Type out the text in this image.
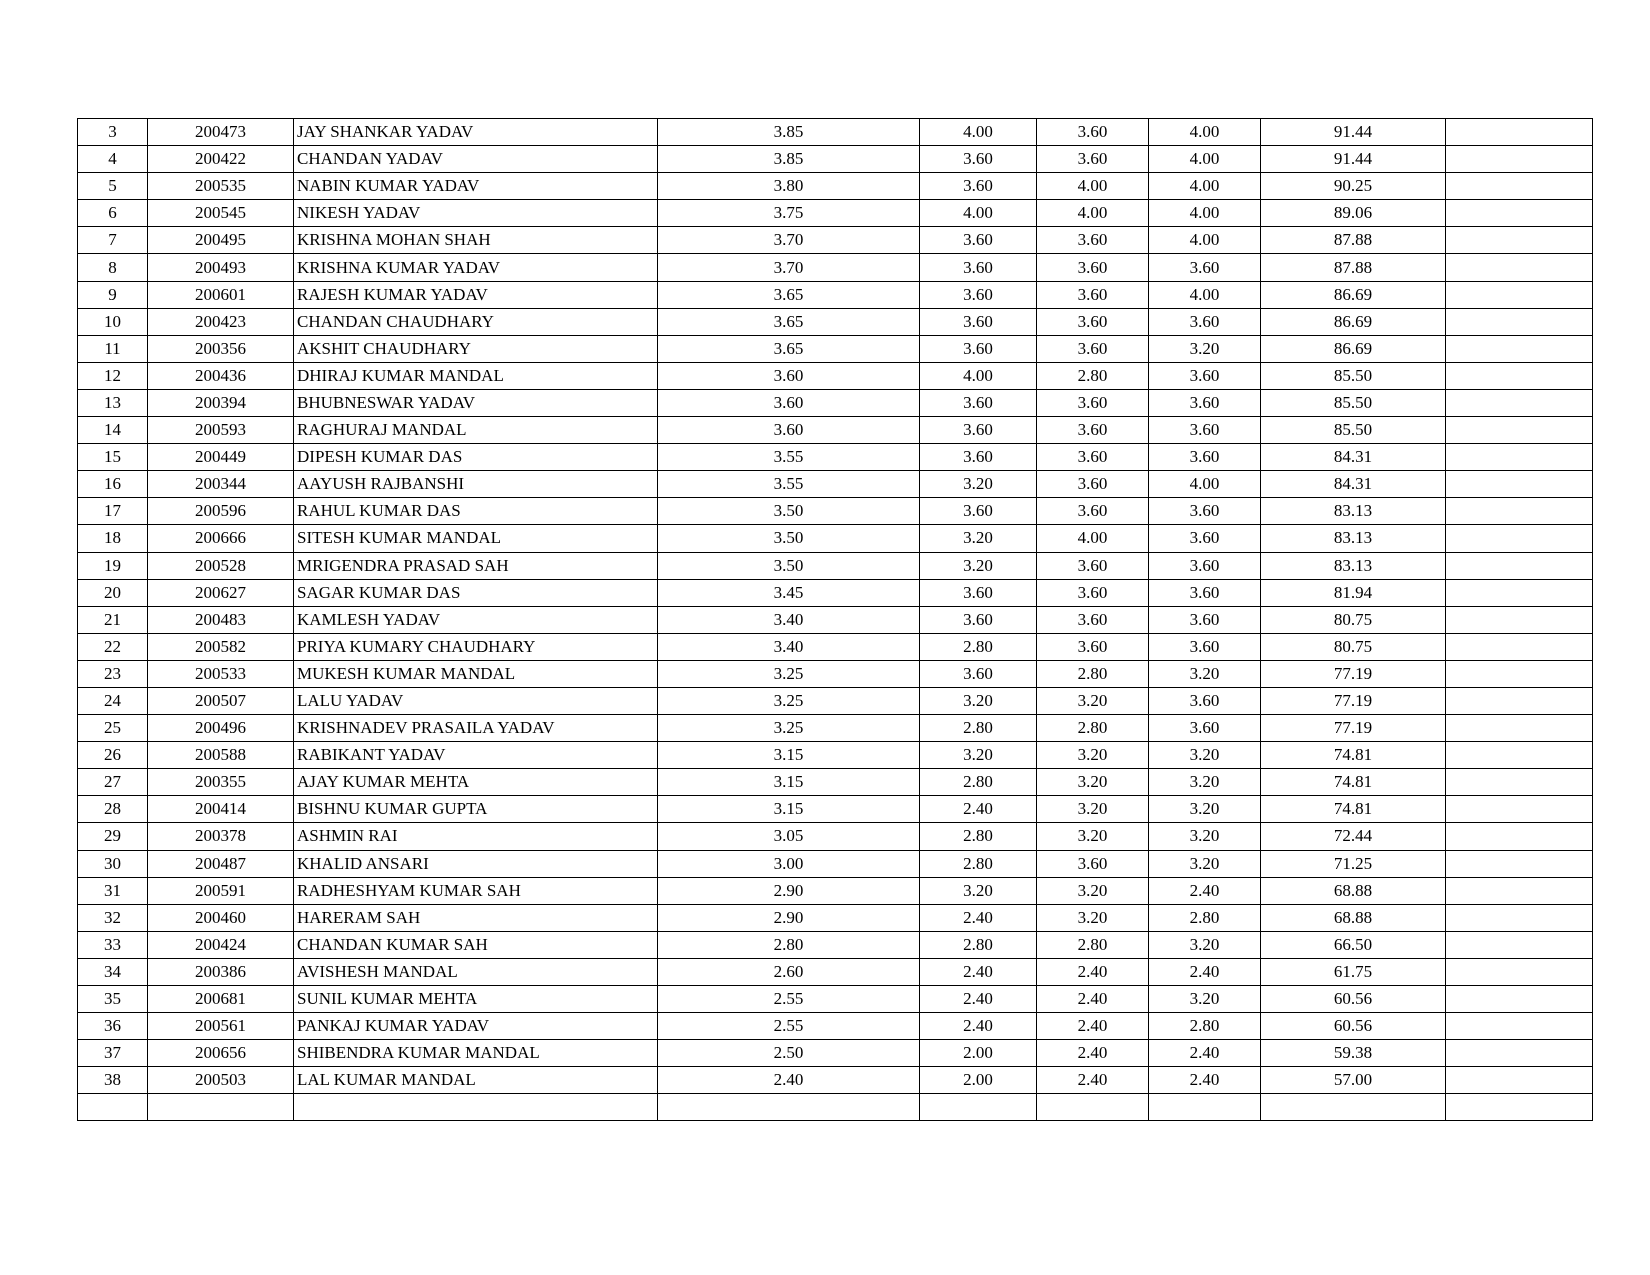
3	200473	JAY SHANKAR YADAV	3.85	4.00	3.60	4.00	91.44	
4	200422	CHANDAN YADAV	3.85	3.60	3.60	4.00	91.44	
5	200535	NABIN KUMAR YADAV	3.80	3.60	4.00	4.00	90.25	
6	200545	NIKESH YADAV	3.75	4.00	4.00	4.00	89.06	
7	200495	KRISHNA MOHAN SHAH	3.70	3.60	3.60	4.00	87.88	
8	200493	KRISHNA KUMAR YADAV	3.70	3.60	3.60	3.60	87.88	
9	200601	RAJESH KUMAR YADAV	3.65	3.60	3.60	4.00	86.69	
10	200423	CHANDAN CHAUDHARY	3.65	3.60	3.60	3.60	86.69	
11	200356	AKSHIT CHAUDHARY	3.65	3.60	3.60	3.20	86.69	
12	200436	DHIRAJ KUMAR MANDAL	3.60	4.00	2.80	3.60	85.50	
13	200394	BHUBNESWAR YADAV	3.60	3.60	3.60	3.60	85.50	
14	200593	RAGHURAJ MANDAL	3.60	3.60	3.60	3.60	85.50	
15	200449	DIPESH KUMAR DAS	3.55	3.60	3.60	3.60	84.31	
16	200344	AAYUSH RAJBANSHI	3.55	3.20	3.60	4.00	84.31	
17	200596	RAHUL KUMAR DAS	3.50	3.60	3.60	3.60	83.13	
18	200666	SITESH KUMAR MANDAL	3.50	3.20	4.00	3.60	83.13	
19	200528	MRIGENDRA PRASAD SAH	3.50	3.20	3.60	3.60	83.13	
20	200627	SAGAR KUMAR DAS	3.45	3.60	3.60	3.60	81.94	
21	200483	KAMLESH YADAV	3.40	3.60	3.60	3.60	80.75	
22	200582	PRIYA KUMARY CHAUDHARY	3.40	2.80	3.60	3.60	80.75	
23	200533	MUKESH KUMAR MANDAL	3.25	3.60	2.80	3.20	77.19	
24	200507	LALU YADAV	3.25	3.20	3.20	3.60	77.19	
25	200496	KRISHNADEV PRASAILA YADAV	3.25	2.80	2.80	3.60	77.19	
26	200588	RABIKANT YADAV	3.15	3.20	3.20	3.20	74.81	
27	200355	AJAY KUMAR MEHTA	3.15	2.80	3.20	3.20	74.81	
28	200414	BISHNU KUMAR GUPTA	3.15	2.40	3.20	3.20	74.81	
29	200378	ASHMIN RAI	3.05	2.80	3.20	3.20	72.44	
30	200487	KHALID ANSARI	3.00	2.80	3.60	3.20	71.25	
31	200591	RADHESHYAM KUMAR SAH	2.90	3.20	3.20	2.40	68.88	
32	200460	HARERAM SAH	2.90	2.40	3.20	2.80	68.88	
33	200424	CHANDAN KUMAR SAH	2.80	2.80	2.80	3.20	66.50	
34	200386	AVISHESH MANDAL	2.60	2.40	2.40	2.40	61.75	
35	200681	SUNIL KUMAR MEHTA	2.55	2.40	2.40	3.20	60.56	
36	200561	PANKAJ KUMAR YADAV	2.55	2.40	2.40	2.80	60.56	
37	200656	SHIBENDRA KUMAR MANDAL	2.50	2.00	2.40	2.40	59.38	
38	200503	LAL KUMAR MANDAL	2.40	2.00	2.40	2.40	57.00	
